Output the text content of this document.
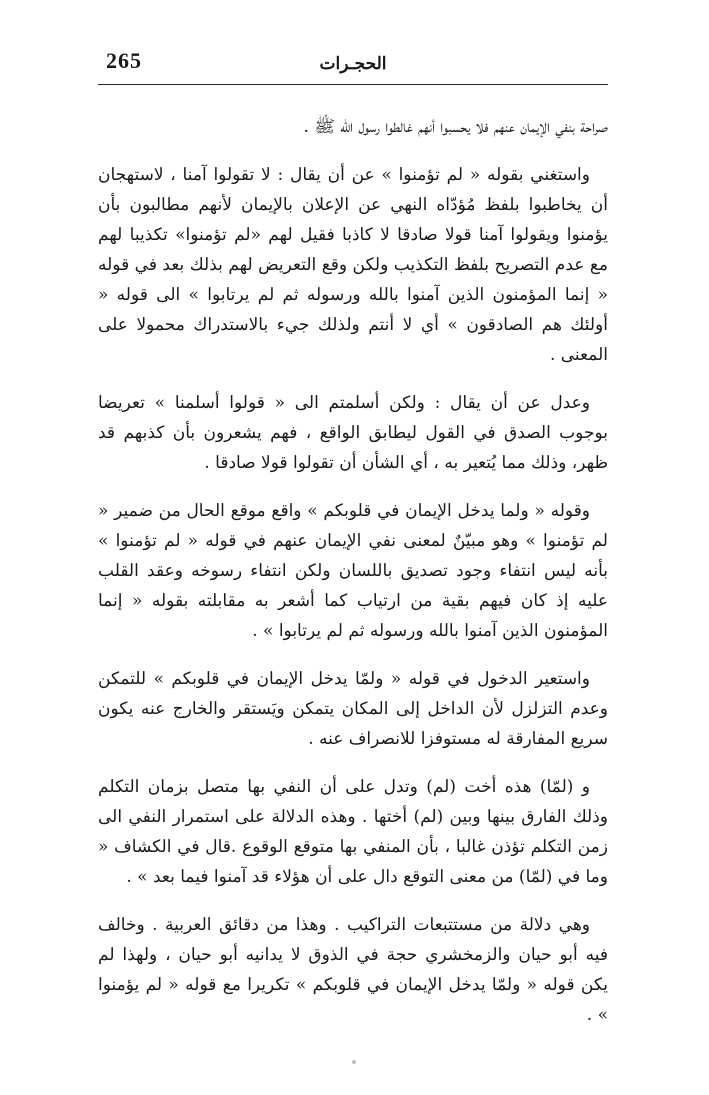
265	الحجـرات

صراحة بنفي الإيمان عنهم فلا يحسبوا أنهم غالطوا رسول الله ﷺ .

واستغني بقوله « لم تؤمنوا » عن أن يقال : لا تقولوا آمنا ، لاستهجان أن يخاطبوا بلفظ مُؤدّاه النهي عن الإعلان بالإيمان لأنهم مطالبون بأن يؤمنوا ويقولوا آمنا قولا صادقا لا كاذبا فقيل لهم «لم تؤمنوا» تكذيبا لهم مع عدم التصريح بلفظ التكذيب ولكن وقع التعريض لهم بذلك بعد في قوله « إنما المؤمنون الذين آمنوا بالله ورسوله ثم لم يرتابوا » الى قوله « أولئك هم الصادقون » أي لا أنتم ولذلك جيء بالاستدراك محمولا على المعنى .

وعدل عن أن يقال : ولكن أسلمتم الى « قولوا أسلمنا » تعريضا بوجوب الصدق في القول ليطابق الواقع ، فهم يشعرون بأن كذبهم قد ظهر، وذلك مما يُتعير به ، أي الشأن أن تقولوا قولا صادقا .

وقوله « ولما يدخل الإيمان في قلوبكم » واقع موقع الحال من ضمير « لم تؤمنوا » وهو مبيّنٌ لمعنى نفي الإيمان عنهم في قوله « لم تؤمنوا » بأنه ليس انتفاء وجود تصديق باللسان ولكن انتفاء رسوخه وعقد القلب عليه إذ كان فيهم بقية من ارتياب كما أشعر به مقابلته بقوله « إنما المؤمنون الذين آمنوا بالله ورسوله ثم لم يرتابوا » .

واستعير الدخول في قوله « ولمّا يدخل الإيمان في قلوبكم » للتمكن وعدم التزلزل لأن الداخل إلى المكان يتمكن ويَستقر والخارج عنه يكون سريع المفارقة له مستوفزا للانصراف عنه .

و (لمّا) هذه أخت (لم) وتدل على أن النفي بها متصل بزمان التكلم وذلك الفارق بينها وبين (لم) أختها . وهذه الدلالة على استمرار النفي الى زمن التكلم تؤذن غالبا ، بأن المنفي بها متوقع الوقوع .قال في الكشاف « وما في (لمّا) من معنى التوقع دال على أن هؤلاء قد آمنوا فيما بعد » .

وهي دلالة من مستتبعات التراكيب . وهذا من دقائق العربية . وخالف فيه أبو حيان والزمخشري حجة في الذوق لا يدانيه أبو حيان ، ولهذا لم يكن قوله « ولمّا يدخل الإيمان في قلوبكم » تكريرا مع قوله « لم يؤمنوا » .
